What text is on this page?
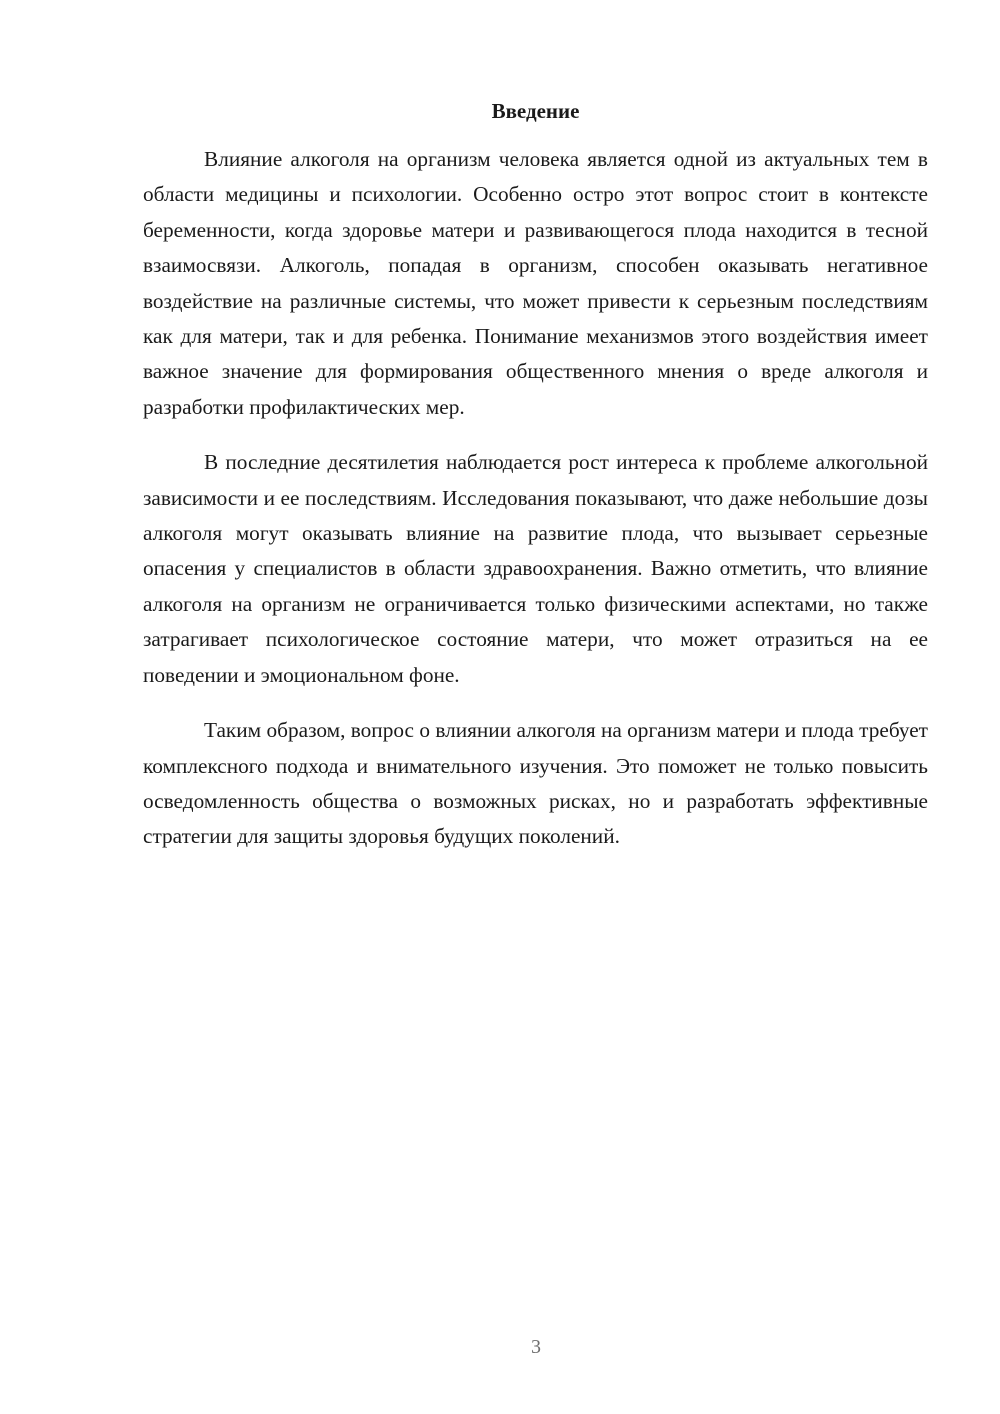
Введение

Влияние алкоголя на организм человека является одной из актуальных тем в области медицины и психологии. Особенно остро этот вопрос стоит в контексте беременности, когда здоровье матери и развивающегося плода находится в тесной взаимосвязи. Алкоголь, попадая в организм, способен оказывать негативное воздействие на различные системы, что может привести к серьезным последствиям как для матери, так и для ребенка. Понимание механизмов этого воздействия имеет важное значение для формирования общественного мнения о вреде алкоголя и разработки профилактических мер.

В последние десятилетия наблюдается рост интереса к проблеме алкогольной зависимости и ее последствиям. Исследования показывают, что даже небольшие дозы алкоголя могут оказывать влияние на развитие плода, что вызывает серьезные опасения у специалистов в области здравоохранения. Важно отметить, что влияние алкоголя на организм не ограничивается только физическими аспектами, но также затрагивает психологическое состояние матери, что может отразиться на ее поведении и эмоциональном фоне.

Таким образом, вопрос о влиянии алкоголя на организм матери и плода требует комплексного подхода и внимательного изучения. Это поможет не только повысить осведомленность общества о возможных рисках, но и разработать эффективные стратегии для защиты здоровья будущих поколений.

3
